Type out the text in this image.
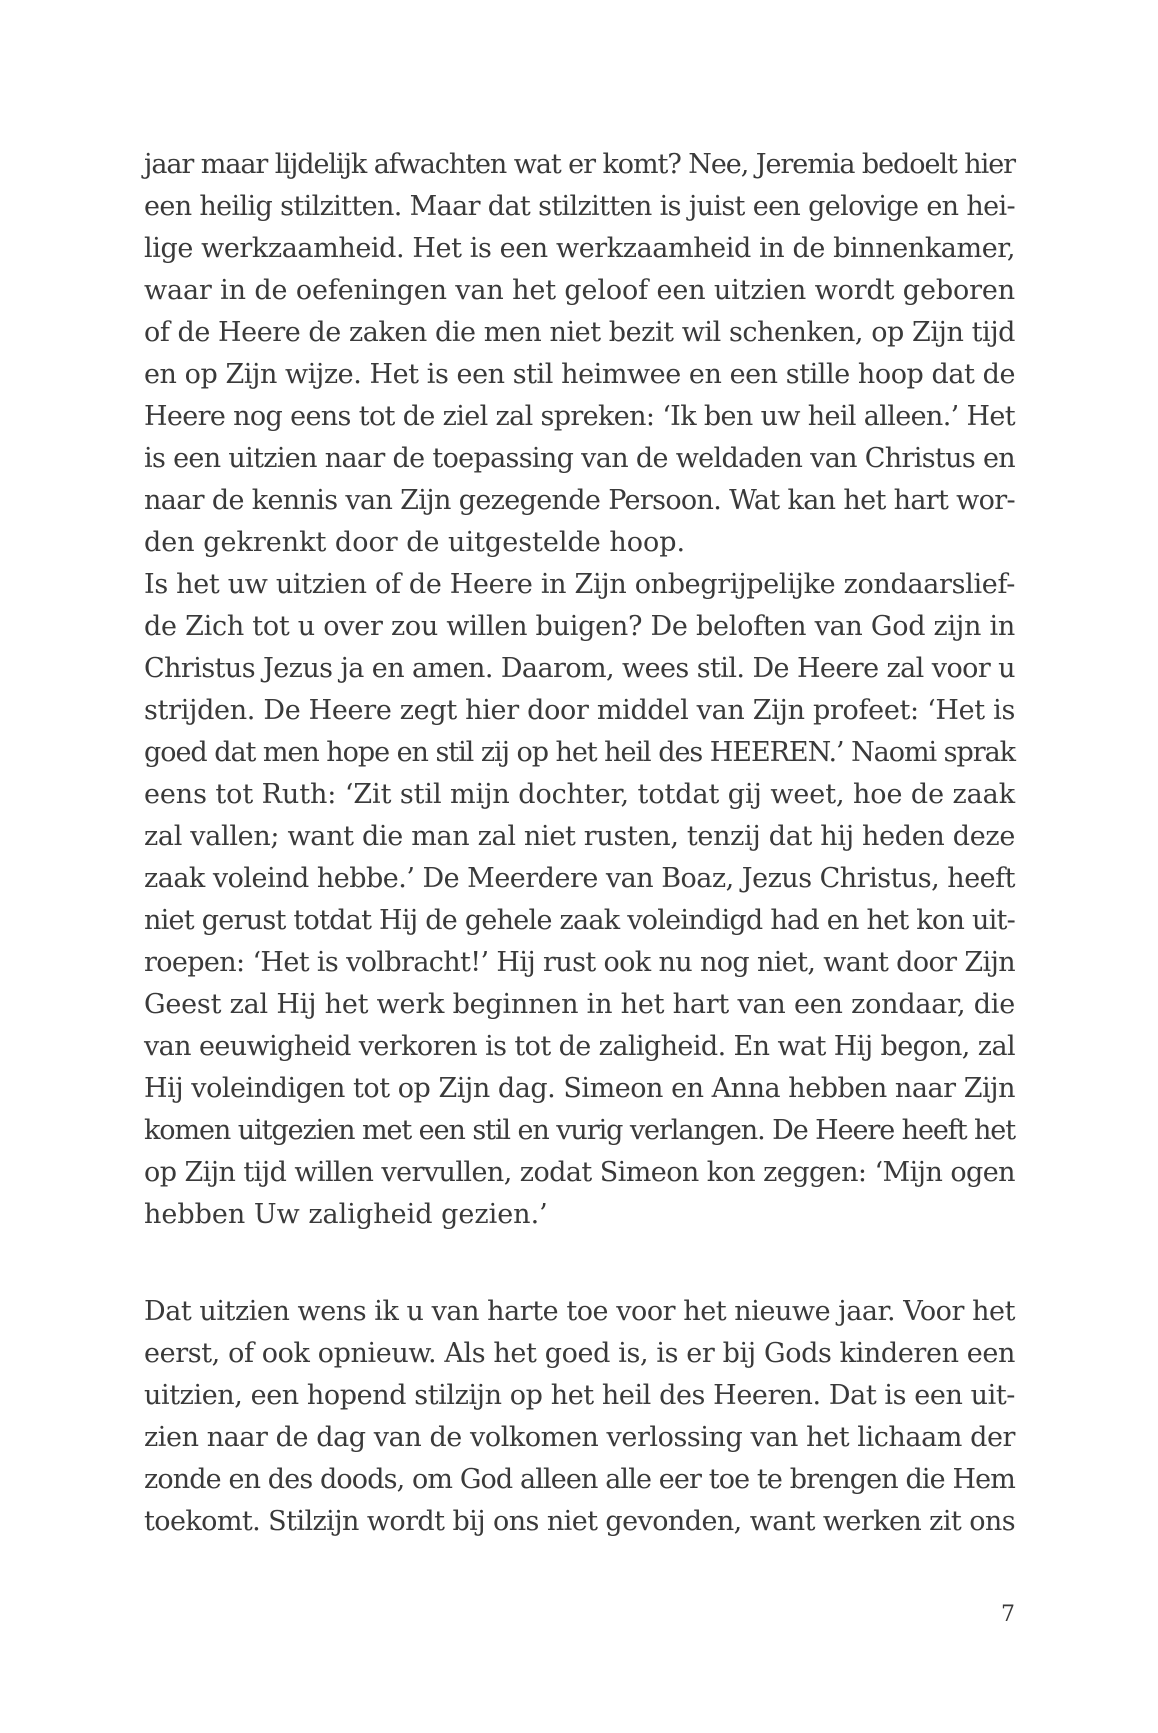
jaar maar lijdelijk afwachten wat er komt? Nee, Jeremia bedoelt hier
een heilig stilzitten. Maar dat stilzitten is juist een gelovige en hei-
lige werkzaamheid. Het is een werkzaamheid in de binnenkamer,
waar in de oefeningen van het geloof een uitzien wordt geboren
of de Heere de zaken die men niet bezit wil schenken, op Zijn tijd
en op Zijn wijze. Het is een stil heimwee en een stille hoop dat de
Heere nog eens tot de ziel zal spreken: ‘Ik ben uw heil alleen.’ Het
is een uitzien naar de toepassing van de weldaden van Christus en
naar de kennis van Zijn gezegende Persoon. Wat kan het hart wor-
den gekrenkt door de uitgestelde hoop.
Is het uw uitzien of de Heere in Zijn onbegrijpelijke zondaarslief-
de Zich tot u over zou willen buigen? De beloften van God zijn in
Christus Jezus ja en amen. Daarom, wees stil. De Heere zal voor u
strijden. De Heere zegt hier door middel van Zijn profeet: ‘Het is
goed dat men hope en stil zij op het heil des HEEREN.’ Naomi sprak
eens tot Ruth: ‘Zit stil mijn dochter, totdat gij weet, hoe de zaak
zal vallen; want die man zal niet rusten, tenzij dat hij heden deze
zaak voleind hebbe.’ De Meerdere van Boaz, Jezus Christus, heeft
niet gerust totdat Hij de gehele zaak voleindigd had en het kon uit-
roepen: ‘Het is volbracht!’ Hij rust ook nu nog niet, want door Zijn
Geest zal Hij het werk beginnen in het hart van een zondaar, die
van eeuwigheid verkoren is tot de zaligheid. En wat Hij begon, zal
Hij voleindigen tot op Zijn dag. Simeon en Anna hebben naar Zijn
komen uitgezien met een stil en vurig verlangen. De Heere heeft het
op Zijn tijd willen vervullen, zodat Simeon kon zeggen: ‘Mijn ogen
hebben Uw zaligheid gezien.’
Dat uitzien wens ik u van harte toe voor het nieuwe jaar. Voor het
eerst, of ook opnieuw. Als het goed is, is er bij Gods kinderen een
uitzien, een hopend stilzijn op het heil des Heeren. Dat is een uit-
zien naar de dag van de volkomen verlossing van het lichaam der
zonde en des doods, om God alleen alle eer toe te brengen die Hem
toekomt. Stilzijn wordt bij ons niet gevonden, want werken zit ons
7
